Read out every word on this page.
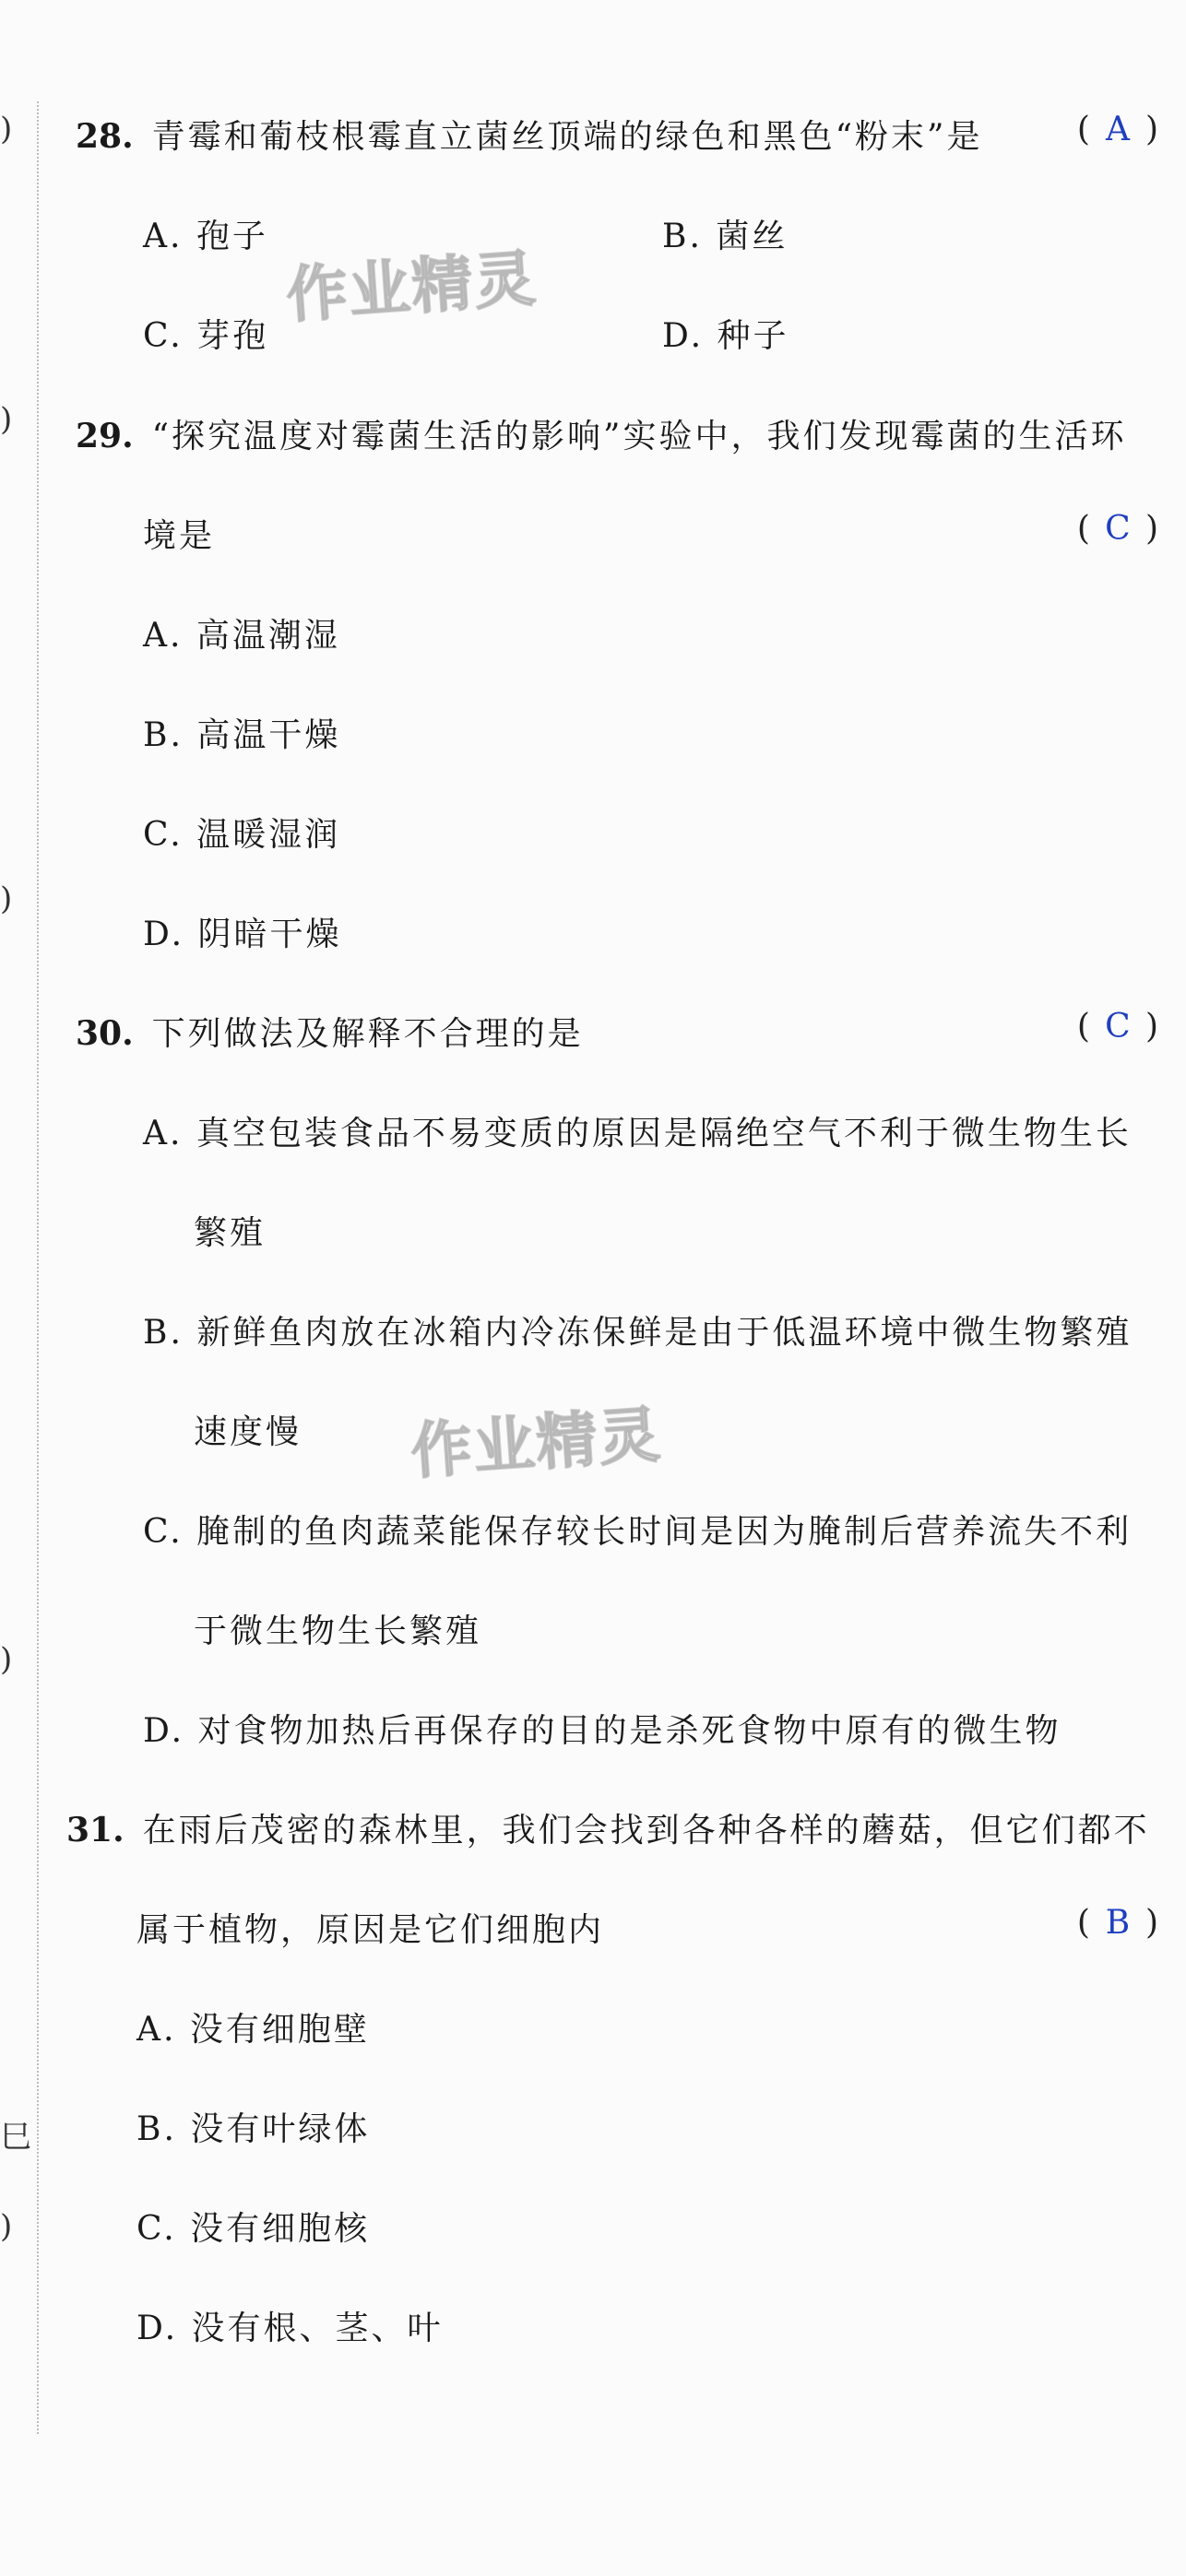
)
)
)
)
巳
)
作业精灵
作业精灵
28. 青霉和葡枝根霉直立菌丝顶端的绿色和黑色“粉末”是	( A )
A. 孢子	B. 菌丝
C. 芽孢	D. 种子
29. “探究温度对霉菌生活的影响”实验中，我们发现霉菌的生活环
境是	( C )
A. 高温潮湿
B. 高温干燥
C. 温暖湿润
D. 阴暗干燥
30. 下列做法及解释不合理的是	( C )
A. 真空包装食品不易变质的原因是隔绝空气不利于微生物生长
繁殖
B. 新鲜鱼肉放在冰箱内冷冻保鲜是由于低温环境中微生物繁殖
速度慢
C. 腌制的鱼肉蔬菜能保存较长时间是因为腌制后营养流失不利
于微生物生长繁殖
D. 对食物加热后再保存的目的是杀死食物中原有的微生物
31. 在雨后茂密的森林里，我们会找到各种各样的蘑菇，但它们都不
属于植物，原因是它们细胞内	( B )
A. 没有细胞壁
B. 没有叶绿体
C. 没有细胞核
D. 没有根、茎、叶
